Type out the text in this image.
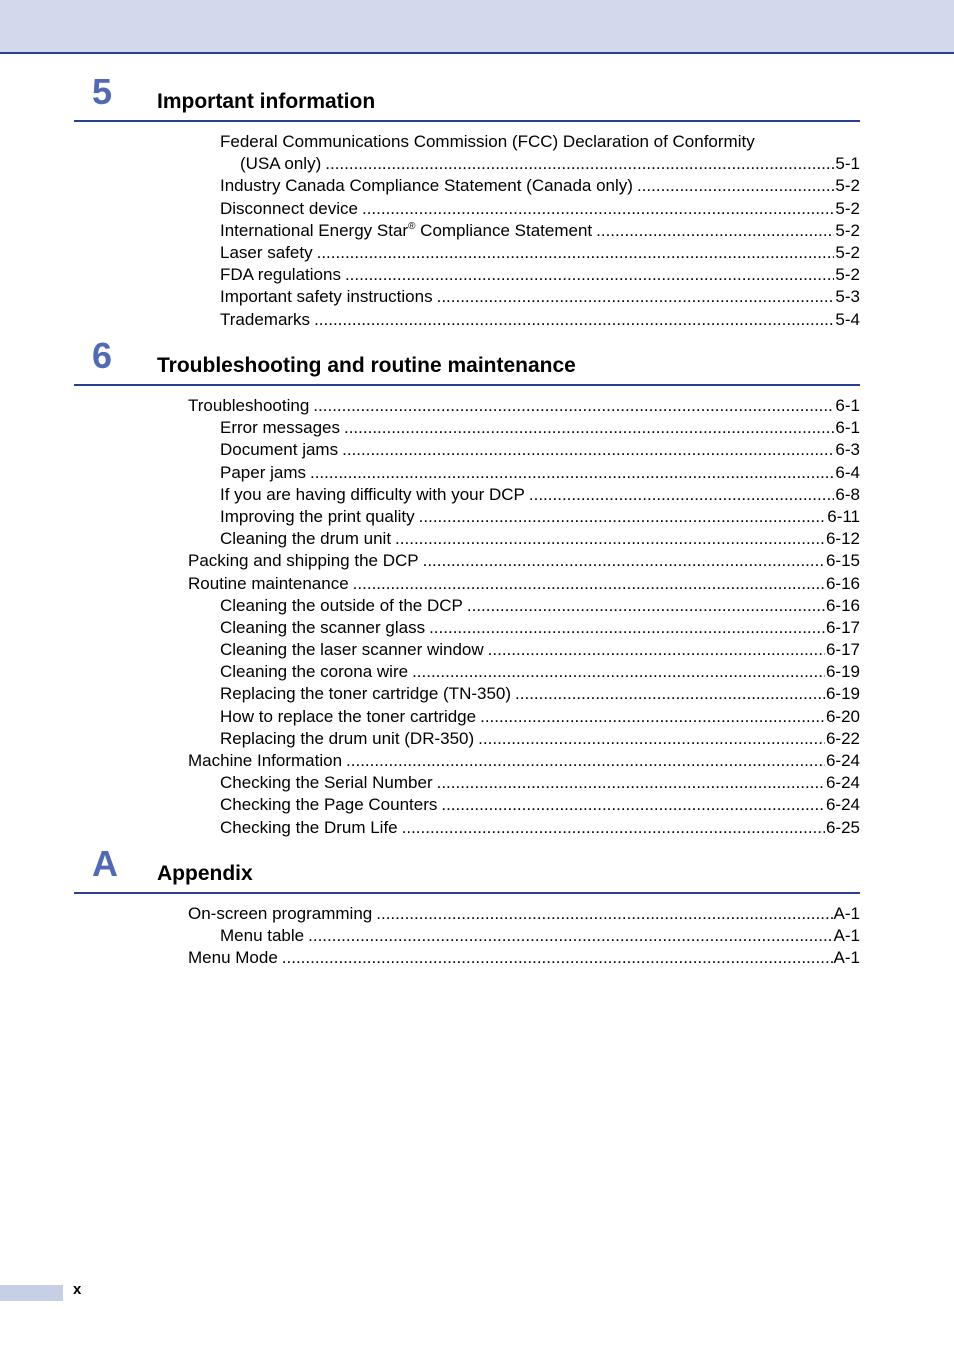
5 Important information
Federal Communications Commission (FCC) Declaration of Conformity
(USA only) .....	5-1
Industry Canada Compliance Statement (Canada only) .....	5-2
Disconnect device .....	5-2
International Energy Star® Compliance Statement .....	5-2
Laser safety .....	5-2
FDA regulations .....	5-2
Important safety instructions .....	5-3
Trademarks .....	5-4
6 Troubleshooting and routine maintenance
Troubleshooting .....	6-1
Error messages .....	6-1
Document jams .....	6-3
Paper jams .....	6-4
If you are having difficulty with your DCP .....	6-8
Improving the print quality .....	6-11
Cleaning the drum unit .....	6-12
Packing and shipping the DCP .....	6-15
Routine maintenance .....	6-16
Cleaning the outside of the DCP .....	6-16
Cleaning the scanner glass .....	6-17
Cleaning the laser scanner window .....	6-17
Cleaning the corona wire .....	6-19
Replacing the toner cartridge (TN-350) .....	6-19
How to replace the toner cartridge .....	6-20
Replacing the drum unit (DR-350) .....	6-22
Machine Information .....	6-24
Checking the Serial Number .....	6-24
Checking the Page Counters .....	6-24
Checking the Drum Life .....	6-25
A Appendix
On-screen programming .....	A-1
Menu table .....	A-1
Menu Mode .....	A-1
x
